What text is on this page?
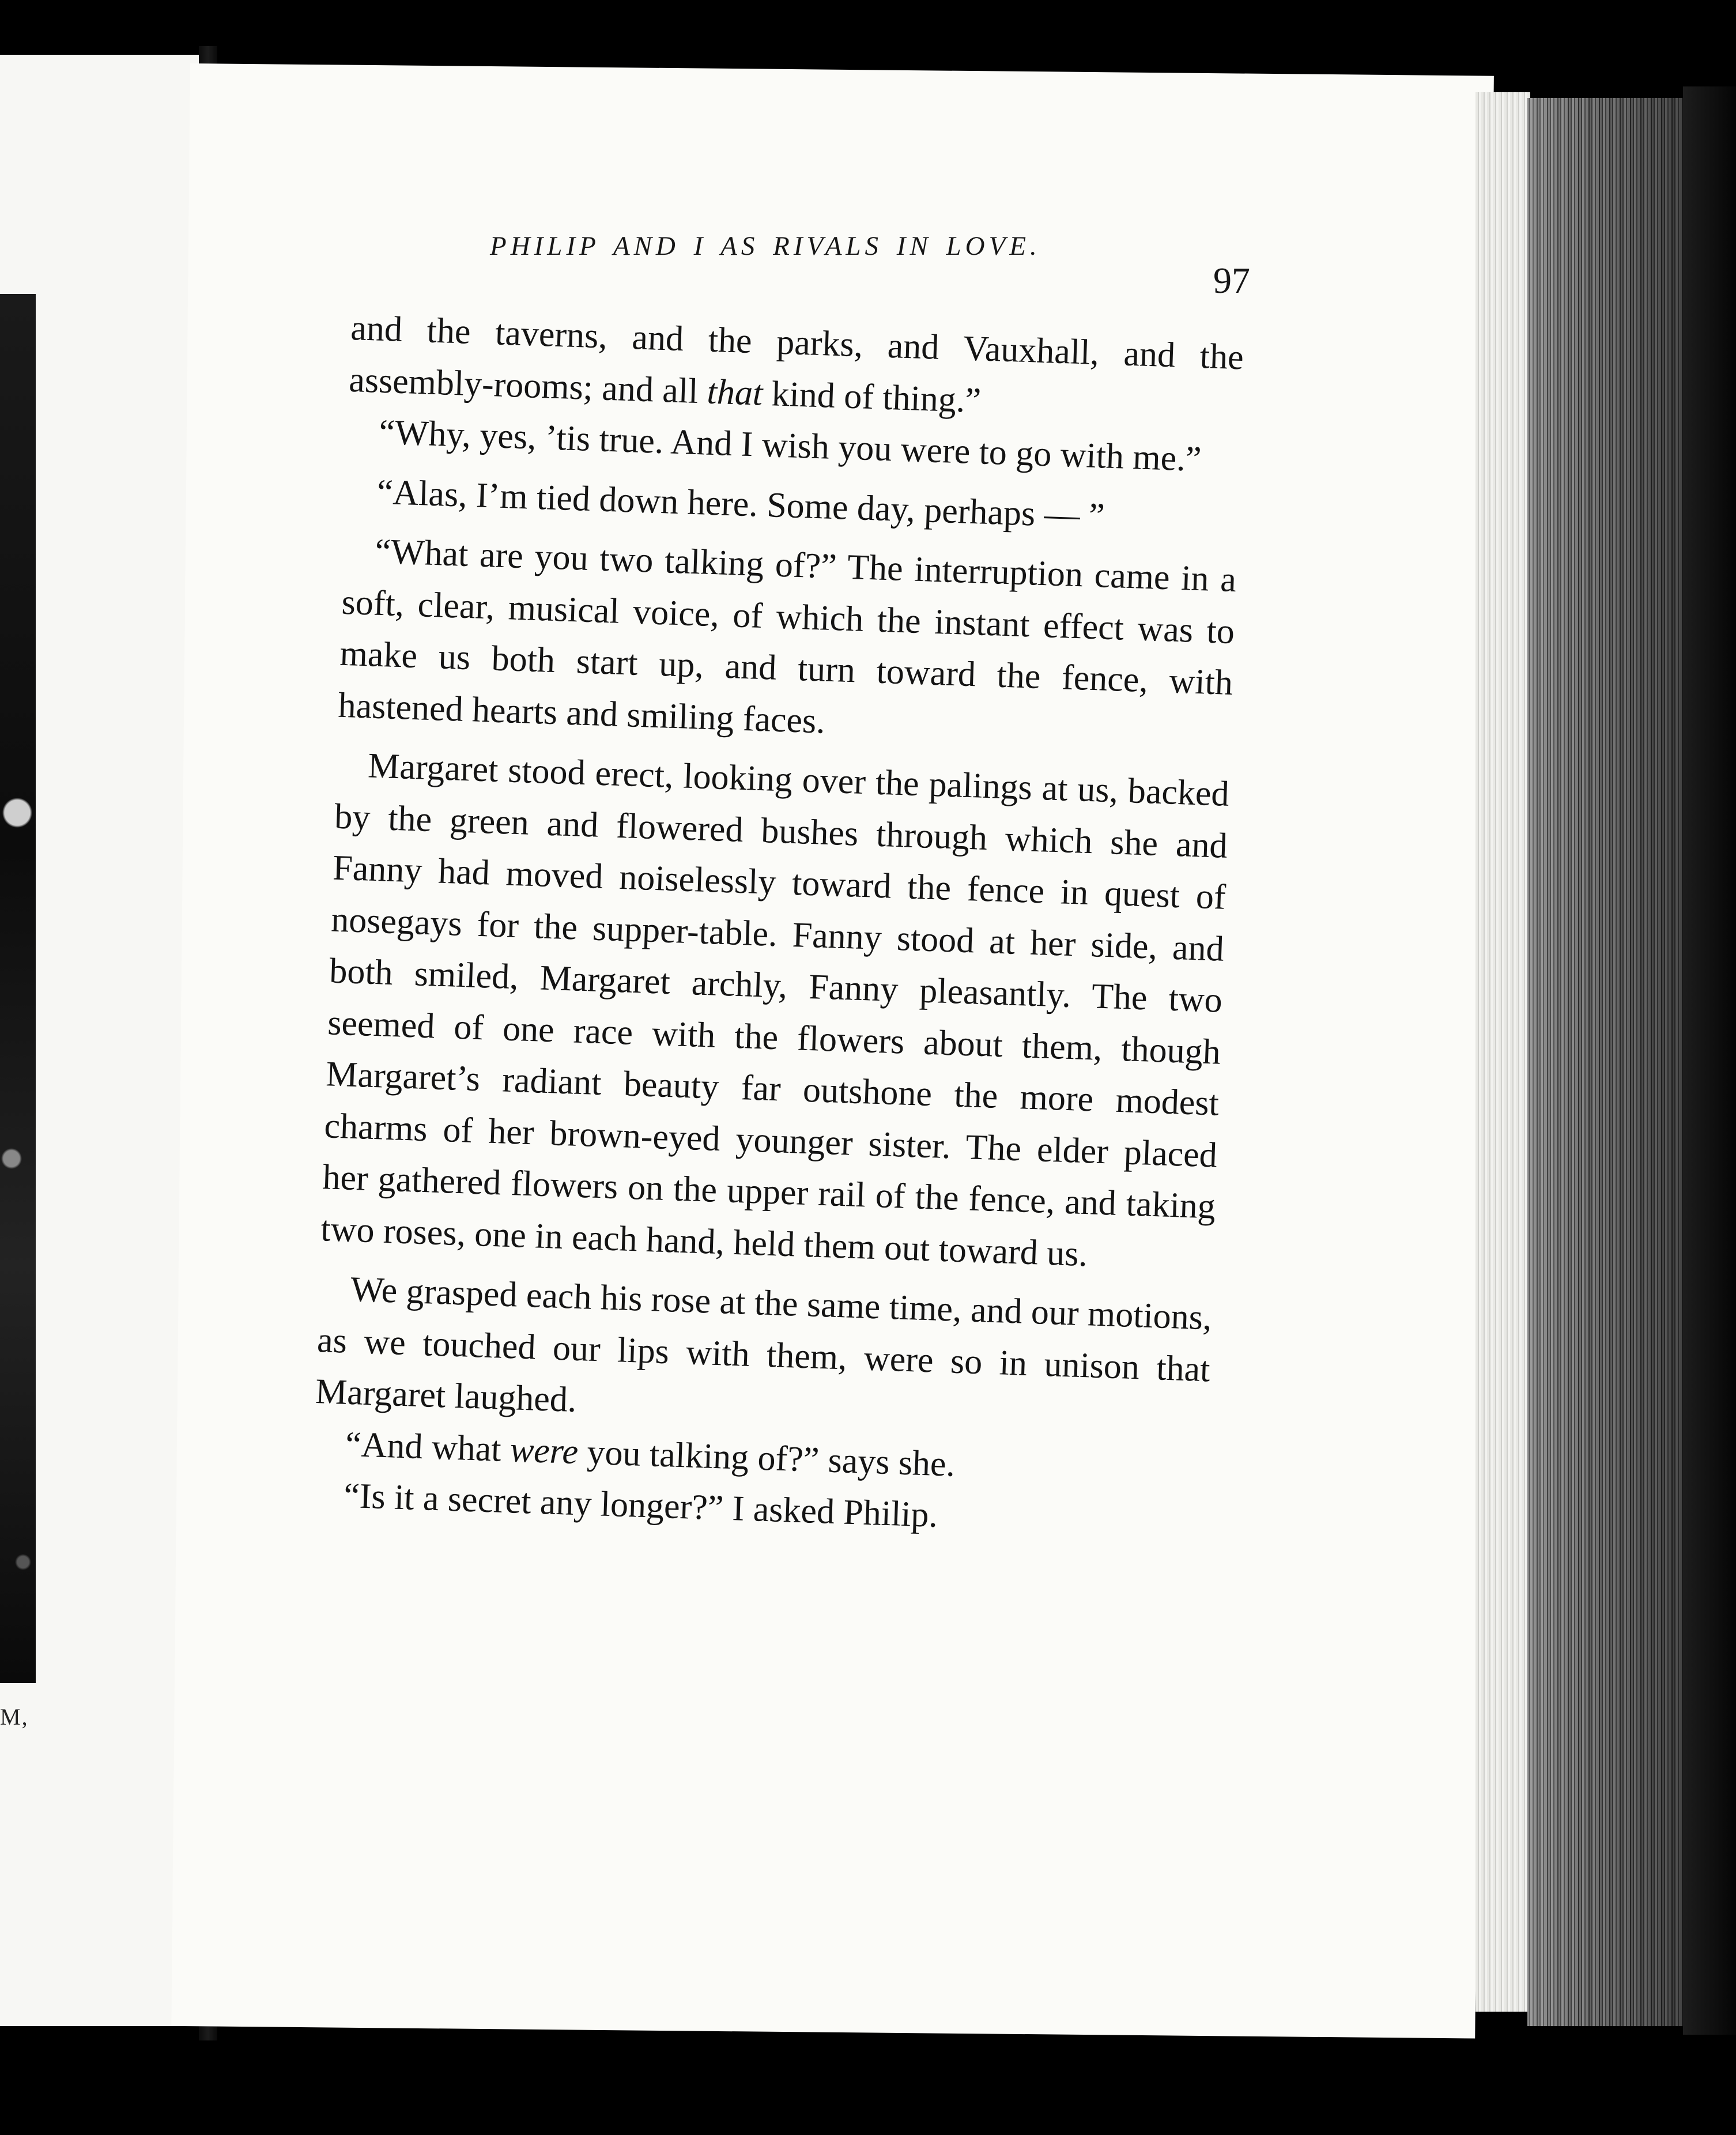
M,
PHILIP AND I AS RIVALS IN LOVE.
97

and the taverns, and the parks, and Vauxhall, and the assembly-rooms; and all that kind of thing.”

“Why, yes, ’tis true. And I wish you were to go with me.”

“Alas, I’m tied down here. Some day, perhaps — ”

“What are you two talking of?” The interruption came in a soft, clear, musical voice, of which the instant effect was to make us both start up, and turn toward the fence, with hastened hearts and smiling faces.

Margaret stood erect, looking over the palings at us, backed by the green and flowered bushes through which she and Fanny had moved noiselessly toward the fence in quest of nosegays for the supper-table. Fanny stood at her side, and both smiled, Margaret archly, Fanny pleasantly. The two seemed of one race with the flowers about them, though Margaret’s radiant beauty far outshone the more modest charms of her brown-eyed younger sister. The elder placed her gathered flowers on the upper rail of the fence, and taking two roses, one in each hand, held them out toward us.

We grasped each his rose at the same time, and our motions, as we touched our lips with them, were so in unison that Margaret laughed.

“And what were you talking of?” says she.

“Is it a secret any longer?” I asked Philip.
